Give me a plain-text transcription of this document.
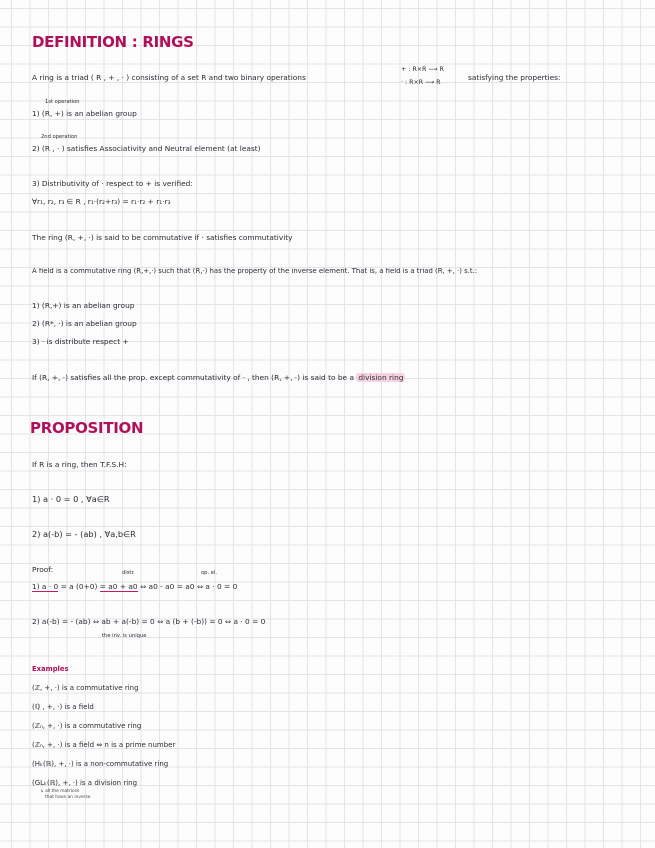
DEFINITION : RINGS
A ring is a triad ( R , + , · ) consisting of a set R and two binary operations
+ : R×R ⟶ R
· : R×R ⟶ R
satisfying the properties:
1st operation
1) (R, +) is an abelian group
2nd operation
2) (R , · ) satisfies Associativity and Neutral element (at least)
3) Distributivity of · respect to + is verified:
∀r₁, r₂, r₃ ∈ R , r₁·(r₂+r₃) = r₁·r₂ + r₁·r₃
The ring (R, +, ·) is said to be commutative if · satisfies commutativity
A field is a commutative ring (R,+,·) such that (R,·) has the property of the inverse element. That is, a field is a triad (R, +, ·) s.t.:
1) (R,+) is an abelian group
2) (R*, ·) is an abelian group
3) · is distribute respect +
If (R, +, ·) satisfies all the prop. except commutativity of · , then (R, +, ·) is said to be a division ring
PROPOSITION
If R is a ring, then T.F.S.H:
1) a · 0 = 0 , ∀a∈R
2) a(-b) = - (ab) , ∀a,b∈R
Proof:	distr.	op. el.
1) a · 0 = a (0+0) = a0 + a0 ⇔ a0 - a0 = a0 ⇔ a · 0 = 0
2) a(-b) = - (ab) ⇔ ab + a(-b) = 0 ⇔ a (b + (-b)) = 0 ⇔ a · 0 = 0
the inv. is unique
Examples
(ℤ, +, ·) is a commutative ring
(ℚ , +, ·) is a field
(ℤₙ, +, ·) is a commutative ring
(ℤₙ, +, ·) is a field ⇔ n is a prime number
(Hₖ(ℝ), +, ·) is a non-commutative ring
(GLₖ(ℝ), +, ·) is a division ring
↳ all the matrices
that have an inverse
